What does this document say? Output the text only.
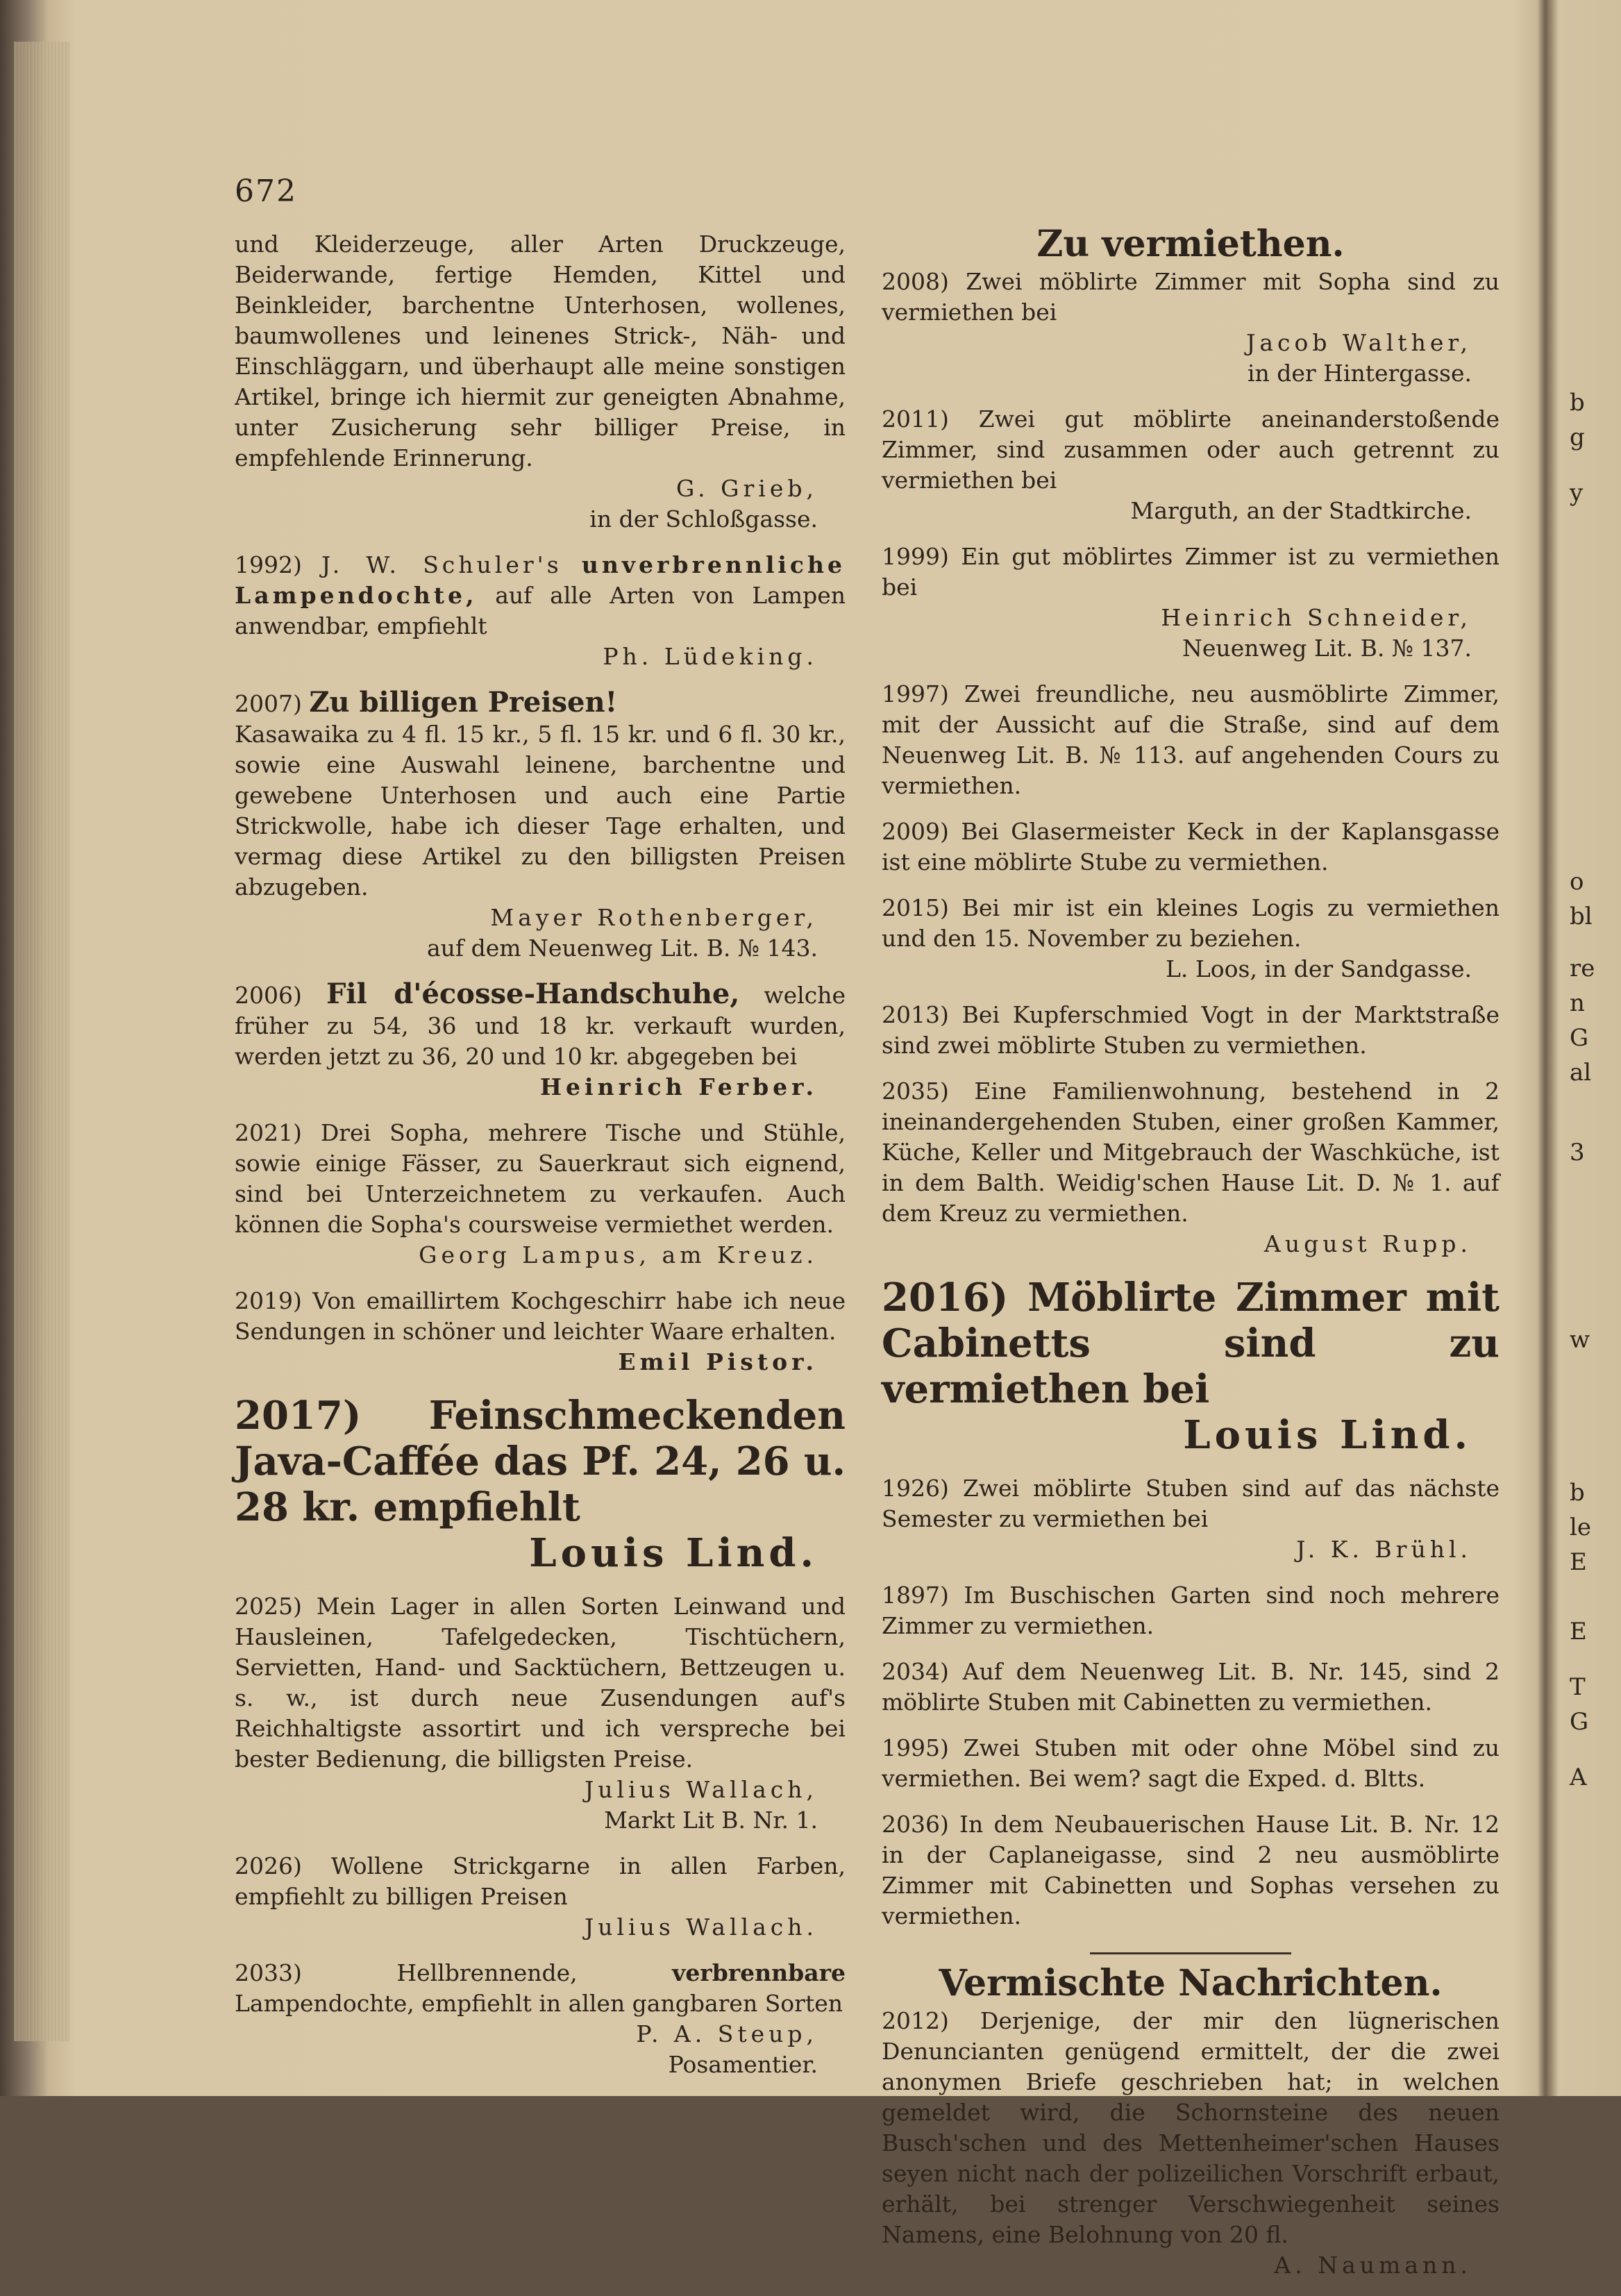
672
und Kleiderzeuge, aller Arten Druckzeuge, Beiderwande, fertige Hemden, Kittel und Beinkleider, barchentne Unterhosen, wollenes, baumwollenes und leinenes Strick-, Näh- und Einschläggarn, und überhaupt alle meine sonstigen Artikel, bringe ich hiermit zur geneigten Abnahme, unter Zusicherung sehr billiger Preise, in empfehlende Erinnerung.
G. Grieb,
in der Schloßgasse.
1992) J. W. Schuler's unverbrennliche Lampendochte, auf alle Arten von Lampen anwendbar, empfiehlt
Ph. Lüdeking.
2007) Zu billigen Preisen!
Kasawaika zu 4 fl. 15 kr., 5 fl. 15 kr. und 6 fl. 30 kr., sowie eine Auswahl leinene, barchentne und gewebene Unterhosen und auch eine Partie Strickwolle, habe ich dieser Tage erhalten, und vermag diese Artikel zu den billigsten Preisen abzugeben.
Mayer Rothenberger,
auf dem Neuenweg Lit. B. № 143.
2006) Fil d'écosse-Handschuhe, welche früher zu 54, 36 und 18 kr. verkauft wurden, werden jetzt zu 36, 20 und 10 kr. abgegeben bei
Heinrich Ferber.
2021) Drei Sopha, mehrere Tische und Stühle, sowie einige Fässer, zu Sauerkraut sich eignend, sind bei Unterzeichnetem zu verkaufen. Auch können die Sopha's coursweise vermiethet werden.
Georg Lampus, am Kreuz.
2019) Von emaillirtem Kochgeschirr habe ich neue Sendungen in schöner und leichter Waare erhalten.
Emil Pistor.
2017) Feinschmeckenden Java-Caffée das Pf. 24, 26 u. 28 kr. empfiehlt
Louis Lind.
2025) Mein Lager in allen Sorten Leinwand und Hausleinen, Tafelgedecken, Tischtüchern, Servietten, Hand- und Sacktüchern, Bettzeugen u. s. w., ist durch neue Zusendungen auf's Reichhaltigste assortirt und ich verspreche bei bester Bedienung, die billigsten Preise.
Julius Wallach,
Markt Lit B. Nr. 1.
2026) Wollene Strickgarne in allen Farben, empfiehlt zu billigen Preisen
Julius Wallach.
2033)	Hellbrennende,	verbrennbare Lampendochte, empfiehlt in allen gangbaren Sorten
P. A. Steup,
Posamentier.
Zu vermiethen.
2008) Zwei möblirte Zimmer mit Sopha sind zu vermiethen bei
Jacob Walther,
in der Hintergasse.
2011) Zwei gut möblirte aneinanderstoßende Zimmer, sind zusammen oder auch getrennt zu vermiethen bei
Marguth, an der Stadtkirche.
1999) Ein gut möblirtes Zimmer ist zu vermiethen bei
Heinrich Schneider,
Neuenweg Lit. B. № 137.
1997) Zwei freundliche, neu ausmöblirte Zimmer, mit der Aussicht auf die Straße, sind auf dem Neuenweg Lit. B. № 113. auf angehenden Cours zu vermiethen.
2009) Bei Glasermeister Keck in der Kaplansgasse ist eine möblirte Stube zu vermiethen.
2015) Bei mir ist ein kleines Logis zu vermiethen und den 15. November zu beziehen.
L. Loos, in der Sandgasse.
2013) Bei Kupferschmied Vogt in der Marktstraße sind zwei möblirte Stuben zu vermiethen.
2035) Eine Familienwohnung, bestehend in 2 ineinandergehenden Stuben, einer großen Kammer, Küche, Keller und Mitgebrauch der Waschküche, ist in dem Balth. Weidig'schen Hause Lit. D. № 1. auf dem Kreuz zu vermiethen.
August Rupp.
2016) Möblirte Zimmer mit Cabinetts sind zu vermiethen bei
Louis Lind.
1926) Zwei möblirte Stuben sind auf das nächste Semester zu vermiethen bei
J. K. Brühl.
1897) Im Buschischen Garten sind noch mehrere Zimmer zu vermiethen.
2034) Auf dem Neuenweg Lit. B. Nr. 145, sind 2 möblirte Stuben mit Cabinetten zu vermiethen.
1995) Zwei Stuben mit oder ohne Möbel sind zu vermiethen. Bei wem? sagt die Exped. d. Bltts.
2036) In dem Neubauerischen Hause Lit. B. Nr. 12 in der Caplaneigasse, sind 2 neu ausmöblirte Zimmer mit Cabinetten und Sophas versehen zu vermiethen.
Vermischte Nachrichten.
2012) Derjenige, der mir den lügnerischen Denuncianten genügend ermittelt, der die zwei anonymen Briefe geschrieben hat; in welchen gemeldet wird, die Schornsteine des neuen Busch'schen und des Mettenheimer'schen Hauses seyen nicht nach der polizeilichen Vorschrift erbaut, erhält, bei strenger Verschwiegenheit seines Namens, eine Belohnung von 20 fl.
A. Naumann.
b
g
y
o
bl
re
n
G
al
3
w
b
le
E
E
T
G
A
